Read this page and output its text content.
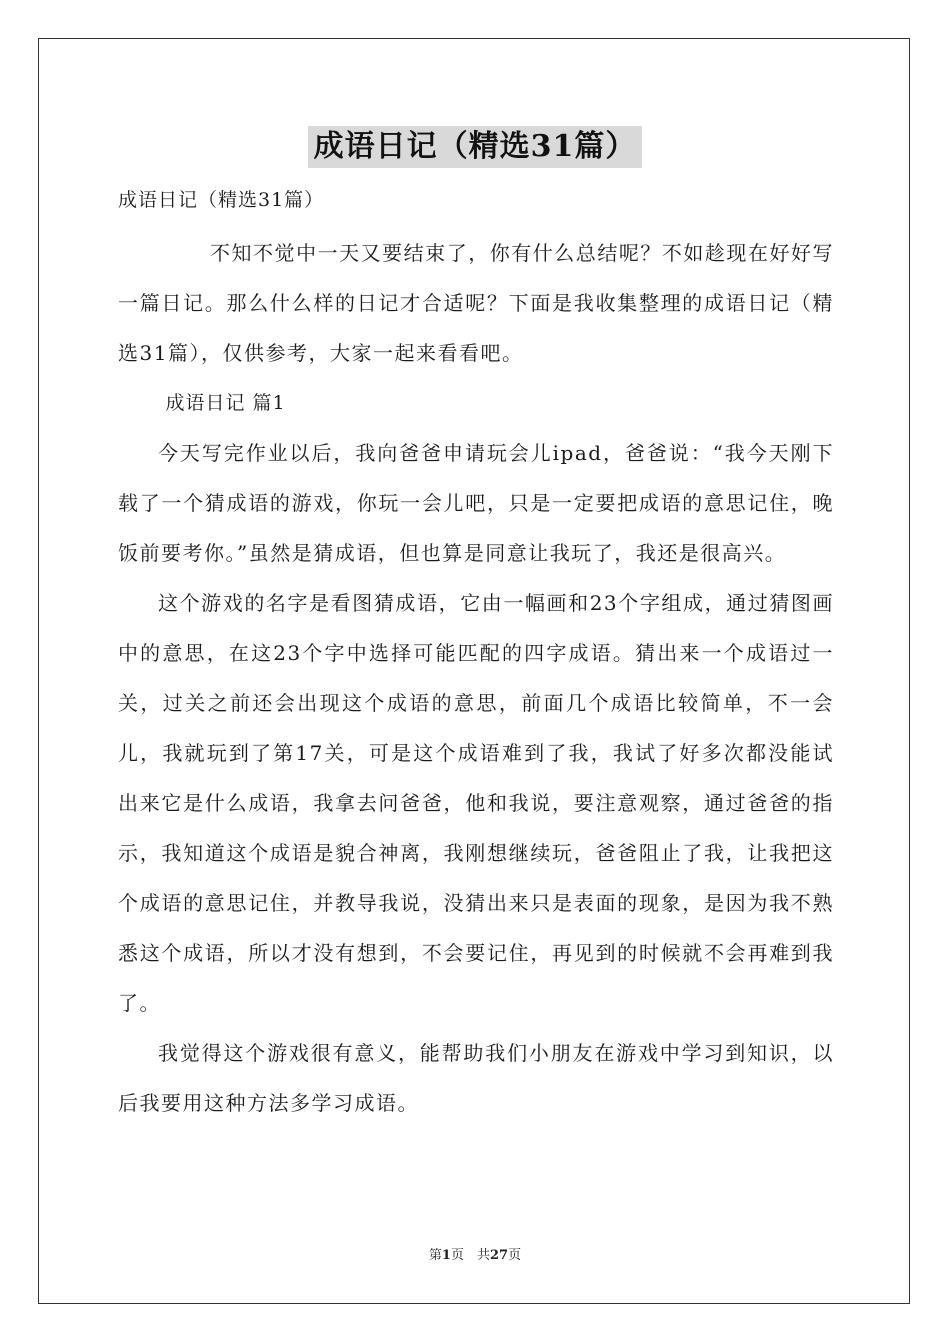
成语日记（精选31篇）

成语日记（精选31篇）

不知不觉中一天又要结束了，你有什么总结呢？不如趁现在好好写一篇日记。那么什么样的日记才合适呢？下面是我收集整理的成语日记（精选31篇），仅供参考，大家一起来看看吧。

成语日记 篇1

今天写完作业以后，我向爸爸申请玩会儿ipad，爸爸说：“我今天刚下载了一个猜成语的游戏，你玩一会儿吧，只是一定要把成语的意思记住，晚饭前要考你。”虽然是猜成语，但也算是同意让我玩了，我还是很高兴。

这个游戏的名字是看图猜成语，它由一幅画和23个字组成，通过猜图画中的意思，在这23个字中选择可能匹配的四字成语。猜出来一个成语过一关，过关之前还会出现这个成语的意思，前面几个成语比较简单，不一会儿，我就玩到了第17关，可是这个成语难到了我，我试了好多次都没能试出来它是什么成语，我拿去问爸爸，他和我说，要注意观察，通过爸爸的指示，我知道这个成语是貌合神离，我刚想继续玩，爸爸阻止了我，让我把这个成语的意思记住，并教导我说，没猜出来只是表面的现象，是因为我不熟悉这个成语，所以才没有想到，不会要记住，再见到的时候就不会再难到我了。

我觉得这个游戏很有意义，能帮助我们小朋友在游戏中学习到知识，以后我要用这种方法多学习成语。

第1页　共27页
